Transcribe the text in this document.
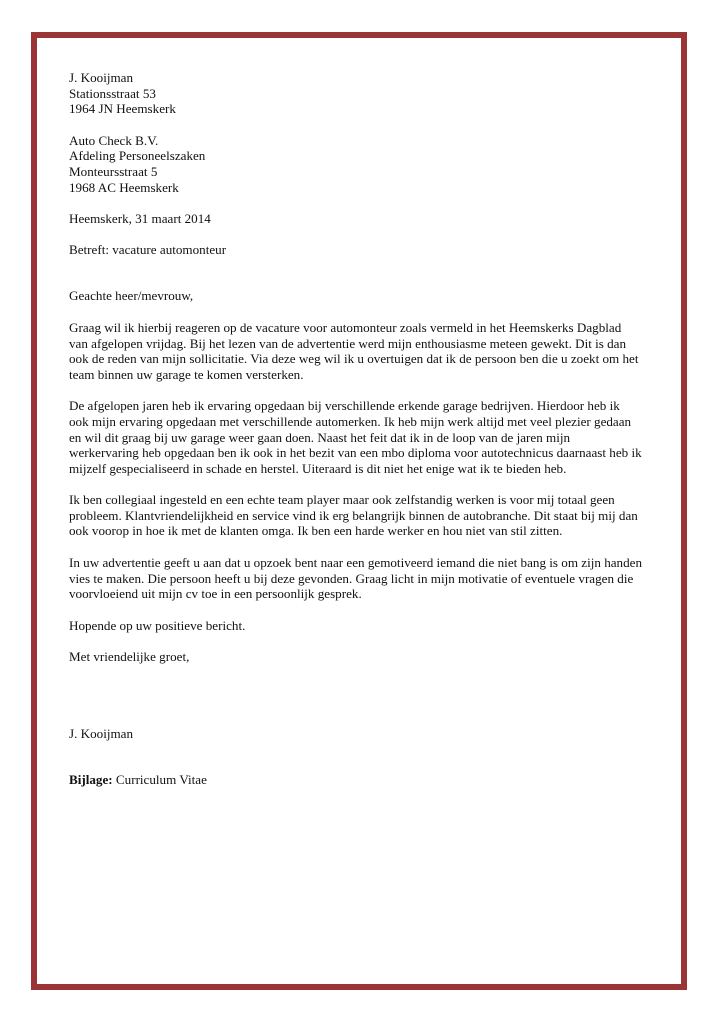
J. Kooijman
Stationsstraat 53
1964 JN Heemskerk
Auto Check B.V.
Afdeling Personeelszaken
Monteursstraat 5
1968 AC Heemskerk
Heemskerk, 31 maart 2014
Betreft: vacature automonteur
Geachte heer/mevrouw,
Graag wil ik hierbij reageren op de vacature voor automonteur zoals vermeld in het Heemskerks Dagblad
van afgelopen vrijdag. Bij het lezen van de advertentie werd mijn enthousiasme meteen gewekt. Dit is dan
ook de reden van mijn sollicitatie. Via deze weg wil ik u overtuigen dat ik de persoon ben die u zoekt om het
team binnen uw garage te komen versterken.
De afgelopen jaren heb ik ervaring opgedaan bij verschillende erkende garage bedrijven. Hierdoor heb ik
ook mijn ervaring opgedaan met verschillende automerken. Ik heb mijn werk altijd met veel plezier gedaan
en wil dit graag bij uw garage weer gaan doen. Naast het feit dat ik in de loop van de jaren mijn
werkervaring heb opgedaan ben ik ook in het bezit van een mbo diploma voor autotechnicus daarnaast heb ik
mijzelf gespecialiseerd in schade en herstel. Uiteraard is dit niet het enige wat ik te bieden heb.
Ik ben collegiaal ingesteld en een echte team player maar ook zelfstandig werken is voor mij totaal geen
probleem. Klantvriendelijkheid en service vind ik erg belangrijk binnen de autobranche. Dit staat bij mij dan
ook voorop in hoe ik met de klanten omga. Ik ben een harde werker en hou niet van stil zitten.
In uw advertentie geeft u aan dat u opzoek bent naar een gemotiveerd iemand die niet bang is om zijn handen
vies te maken. Die persoon heeft u bij deze gevonden. Graag licht in mijn motivatie of eventuele vragen die
voorvloeiend uit mijn cv toe in een persoonlijk gesprek.
Hopende op uw positieve bericht.
Met vriendelijke groet,
J. Kooijman
Bijlage: Curriculum Vitae
